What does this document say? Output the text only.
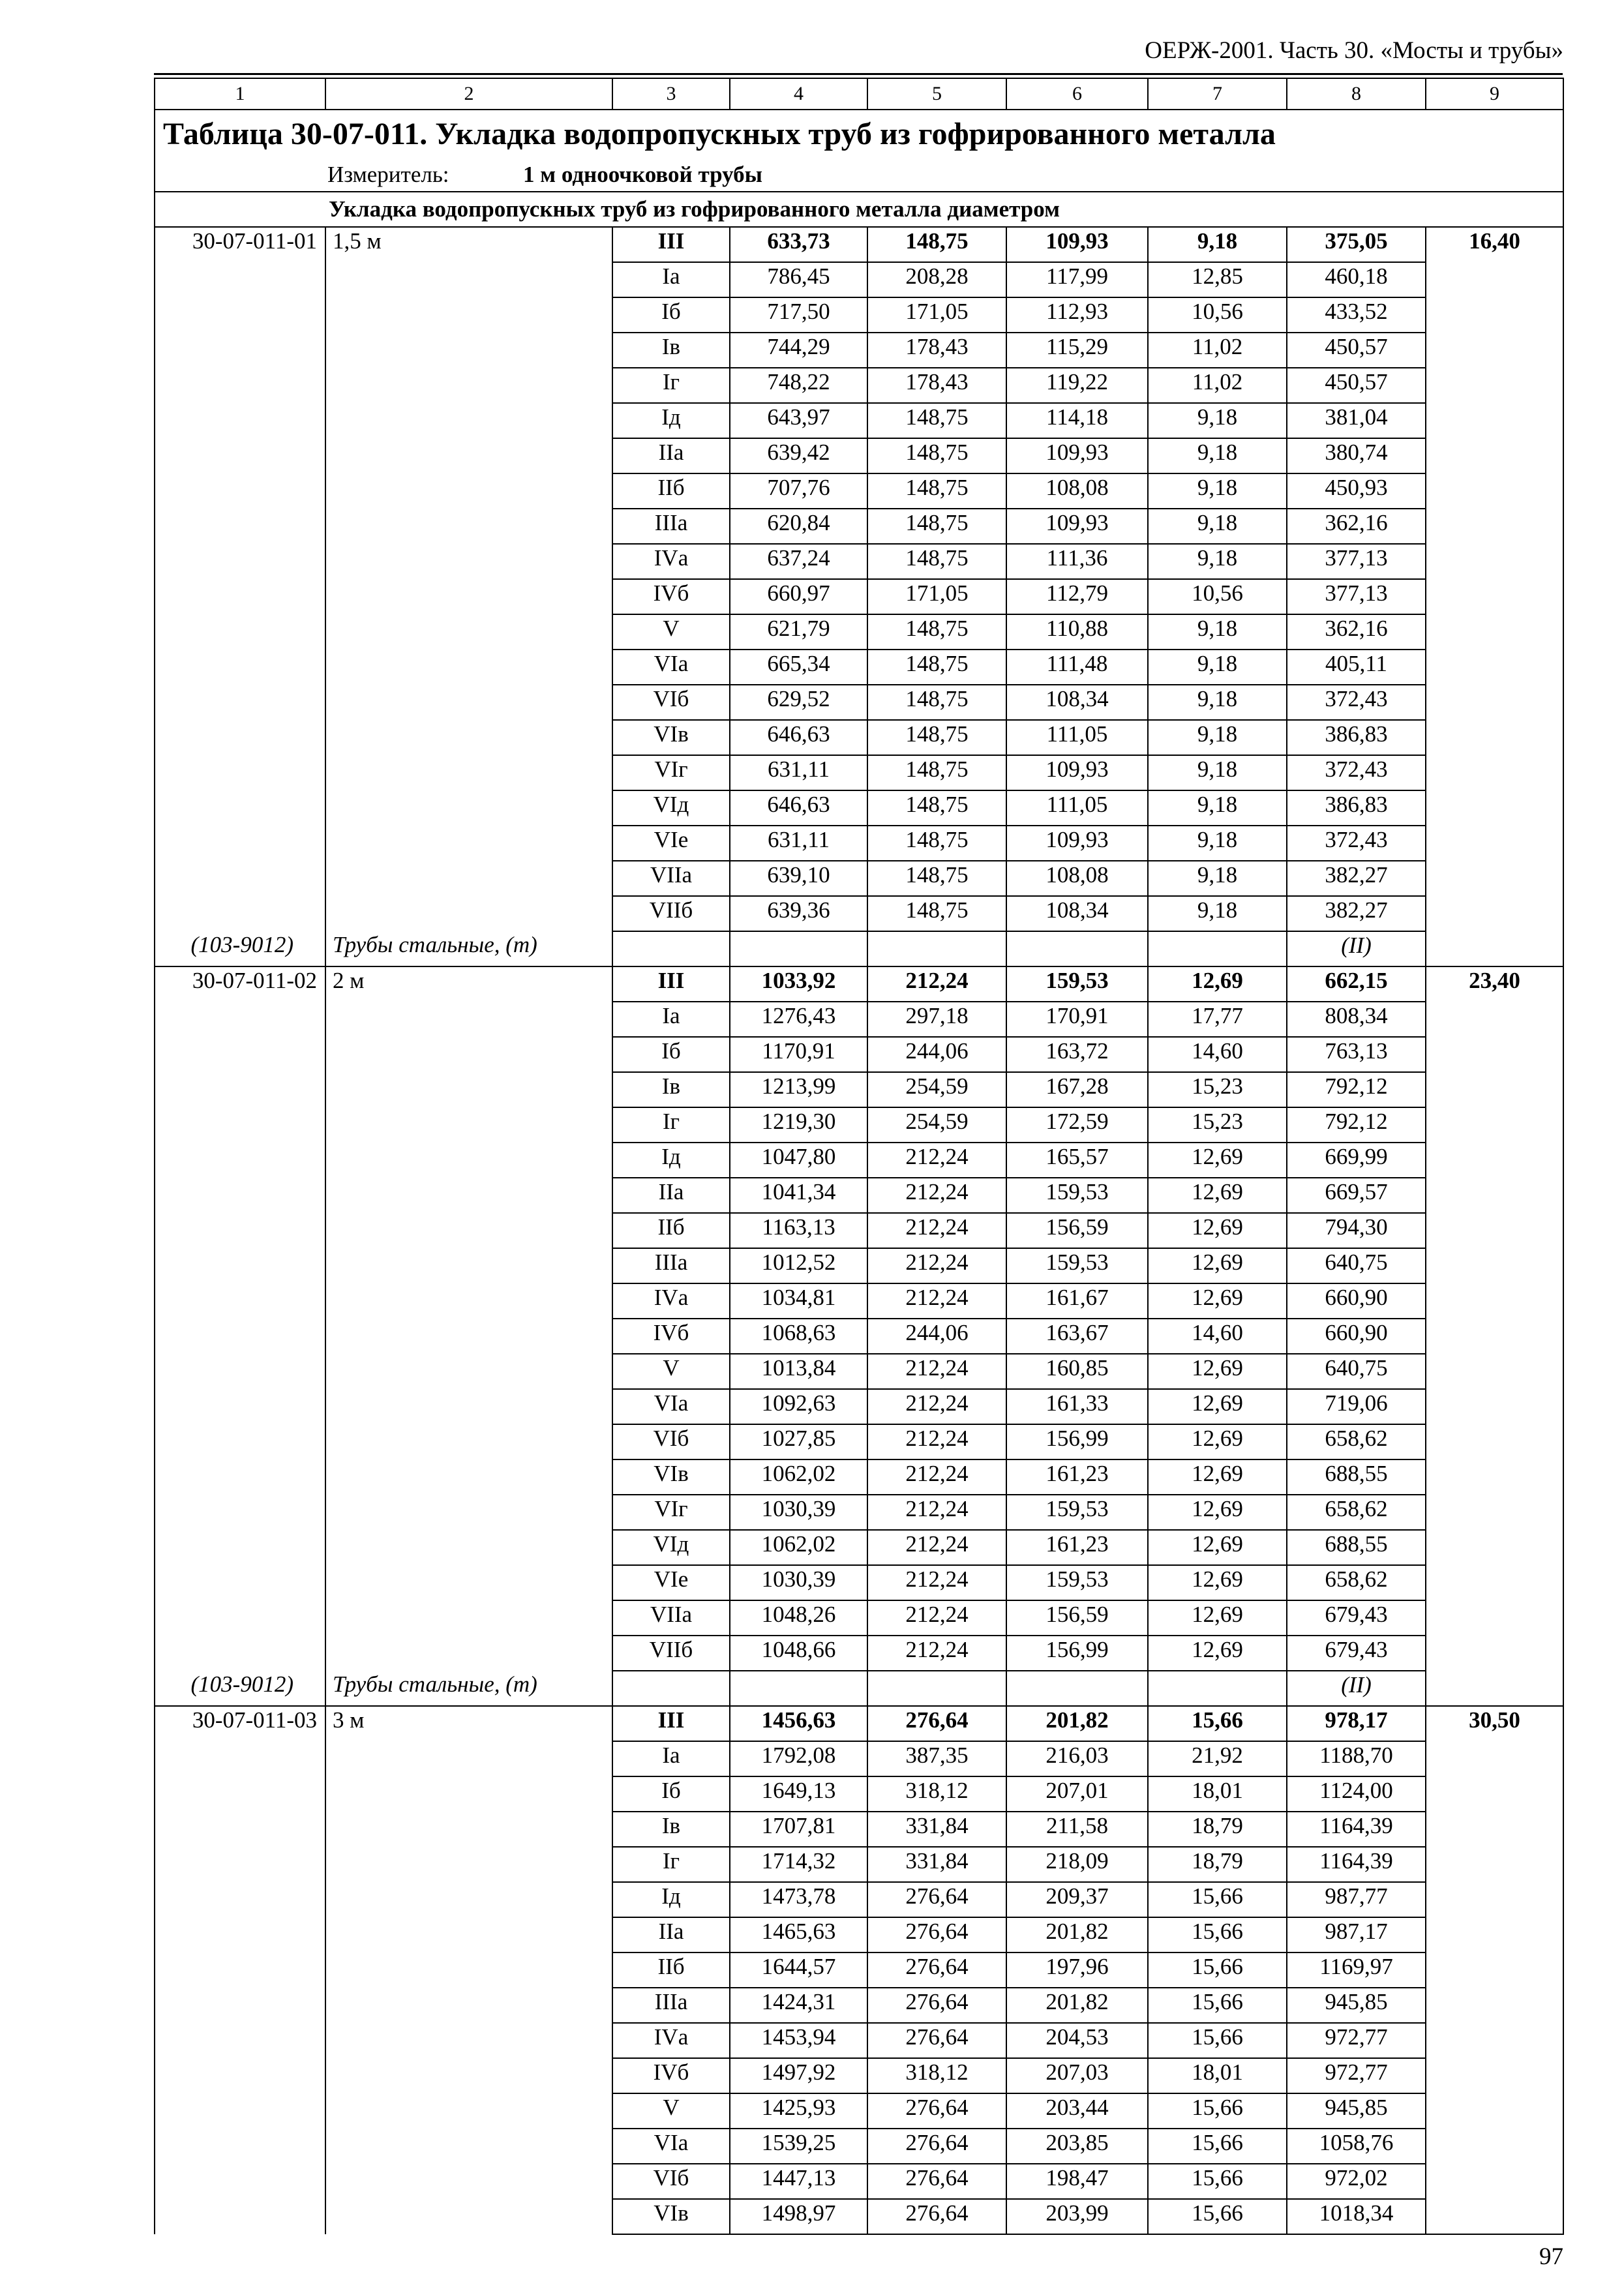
ОЕРЖ-2001. Часть 30. «Мосты и трубы»
1	2	3	4	5	6	7	8	9
Таблица 30-07-011. Укладка водопропускных труб из гофрированного металла								
Измеритель: 1 м одноочковой трубы								
Укладка водопропускных труб из гофрированного металла диаметром								
30-07-011-01	1,5 м	III	633,73	148,75	109,93	9,18	375,05	16,40
		Iа	786,45	208,28	117,99	12,85	460,18	
		Iб	717,50	171,05	112,93	10,56	433,52	
		Iв	744,29	178,43	115,29	11,02	450,57	
		Iг	748,22	178,43	119,22	11,02	450,57	
		Iд	643,97	148,75	114,18	9,18	381,04	
		IIа	639,42	148,75	109,93	9,18	380,74	
		IIб	707,76	148,75	108,08	9,18	450,93	
		IIIа	620,84	148,75	109,93	9,18	362,16	
		IVа	637,24	148,75	111,36	9,18	377,13	
		IVб	660,97	171,05	112,79	10,56	377,13	
		V	621,79	148,75	110,88	9,18	362,16	
		VIа	665,34	148,75	111,48	9,18	405,11	
		VIб	629,52	148,75	108,34	9,18	372,43	
		VIв	646,63	148,75	111,05	9,18	386,83	
		VIг	631,11	148,75	109,93	9,18	372,43	
		VIд	646,63	148,75	111,05	9,18	386,83	
		VIе	631,11	148,75	109,93	9,18	372,43	
		VIIа	639,10	148,75	108,08	9,18	382,27	
		VIIб	639,36	148,75	108,34	9,18	382,27	
(103-9012)	Трубы стальные, (т)						(II)	
30-07-011-02	2 м	III	1033,92	212,24	159,53	12,69	662,15	23,40
		Iа	1276,43	297,18	170,91	17,77	808,34	
		Iб	1170,91	244,06	163,72	14,60	763,13	
		Iв	1213,99	254,59	167,28	15,23	792,12	
		Iг	1219,30	254,59	172,59	15,23	792,12	
		Iд	1047,80	212,24	165,57	12,69	669,99	
		IIа	1041,34	212,24	159,53	12,69	669,57	
		IIб	1163,13	212,24	156,59	12,69	794,30	
		IIIа	1012,52	212,24	159,53	12,69	640,75	
		IVа	1034,81	212,24	161,67	12,69	660,90	
		IVб	1068,63	244,06	163,67	14,60	660,90	
		V	1013,84	212,24	160,85	12,69	640,75	
		VIа	1092,63	212,24	161,33	12,69	719,06	
		VIб	1027,85	212,24	156,99	12,69	658,62	
		VIв	1062,02	212,24	161,23	12,69	688,55	
		VIг	1030,39	212,24	159,53	12,69	658,62	
		VIд	1062,02	212,24	161,23	12,69	688,55	
		VIе	1030,39	212,24	159,53	12,69	658,62	
		VIIа	1048,26	212,24	156,59	12,69	679,43	
		VIIб	1048,66	212,24	156,99	12,69	679,43	
(103-9012)	Трубы стальные, (т)						(II)	
30-07-011-03	3 м	III	1456,63	276,64	201,82	15,66	978,17	30,50
		Iа	1792,08	387,35	216,03	21,92	1188,70	
		Iб	1649,13	318,12	207,01	18,01	1124,00	
		Iв	1707,81	331,84	211,58	18,79	1164,39	
		Iг	1714,32	331,84	218,09	18,79	1164,39	
		Iд	1473,78	276,64	209,37	15,66	987,77	
		IIа	1465,63	276,64	201,82	15,66	987,17	
		IIб	1644,57	276,64	197,96	15,66	1169,97	
		IIIа	1424,31	276,64	201,82	15,66	945,85	
		IVа	1453,94	276,64	204,53	15,66	972,77	
		IVб	1497,92	318,12	207,03	18,01	972,77	
		V	1425,93	276,64	203,44	15,66	945,85	
		VIа	1539,25	276,64	203,85	15,66	1058,76	
		VIб	1447,13	276,64	198,47	15,66	972,02	
		VIв	1498,97	276,64	203,99	15,66	1018,34	
97
